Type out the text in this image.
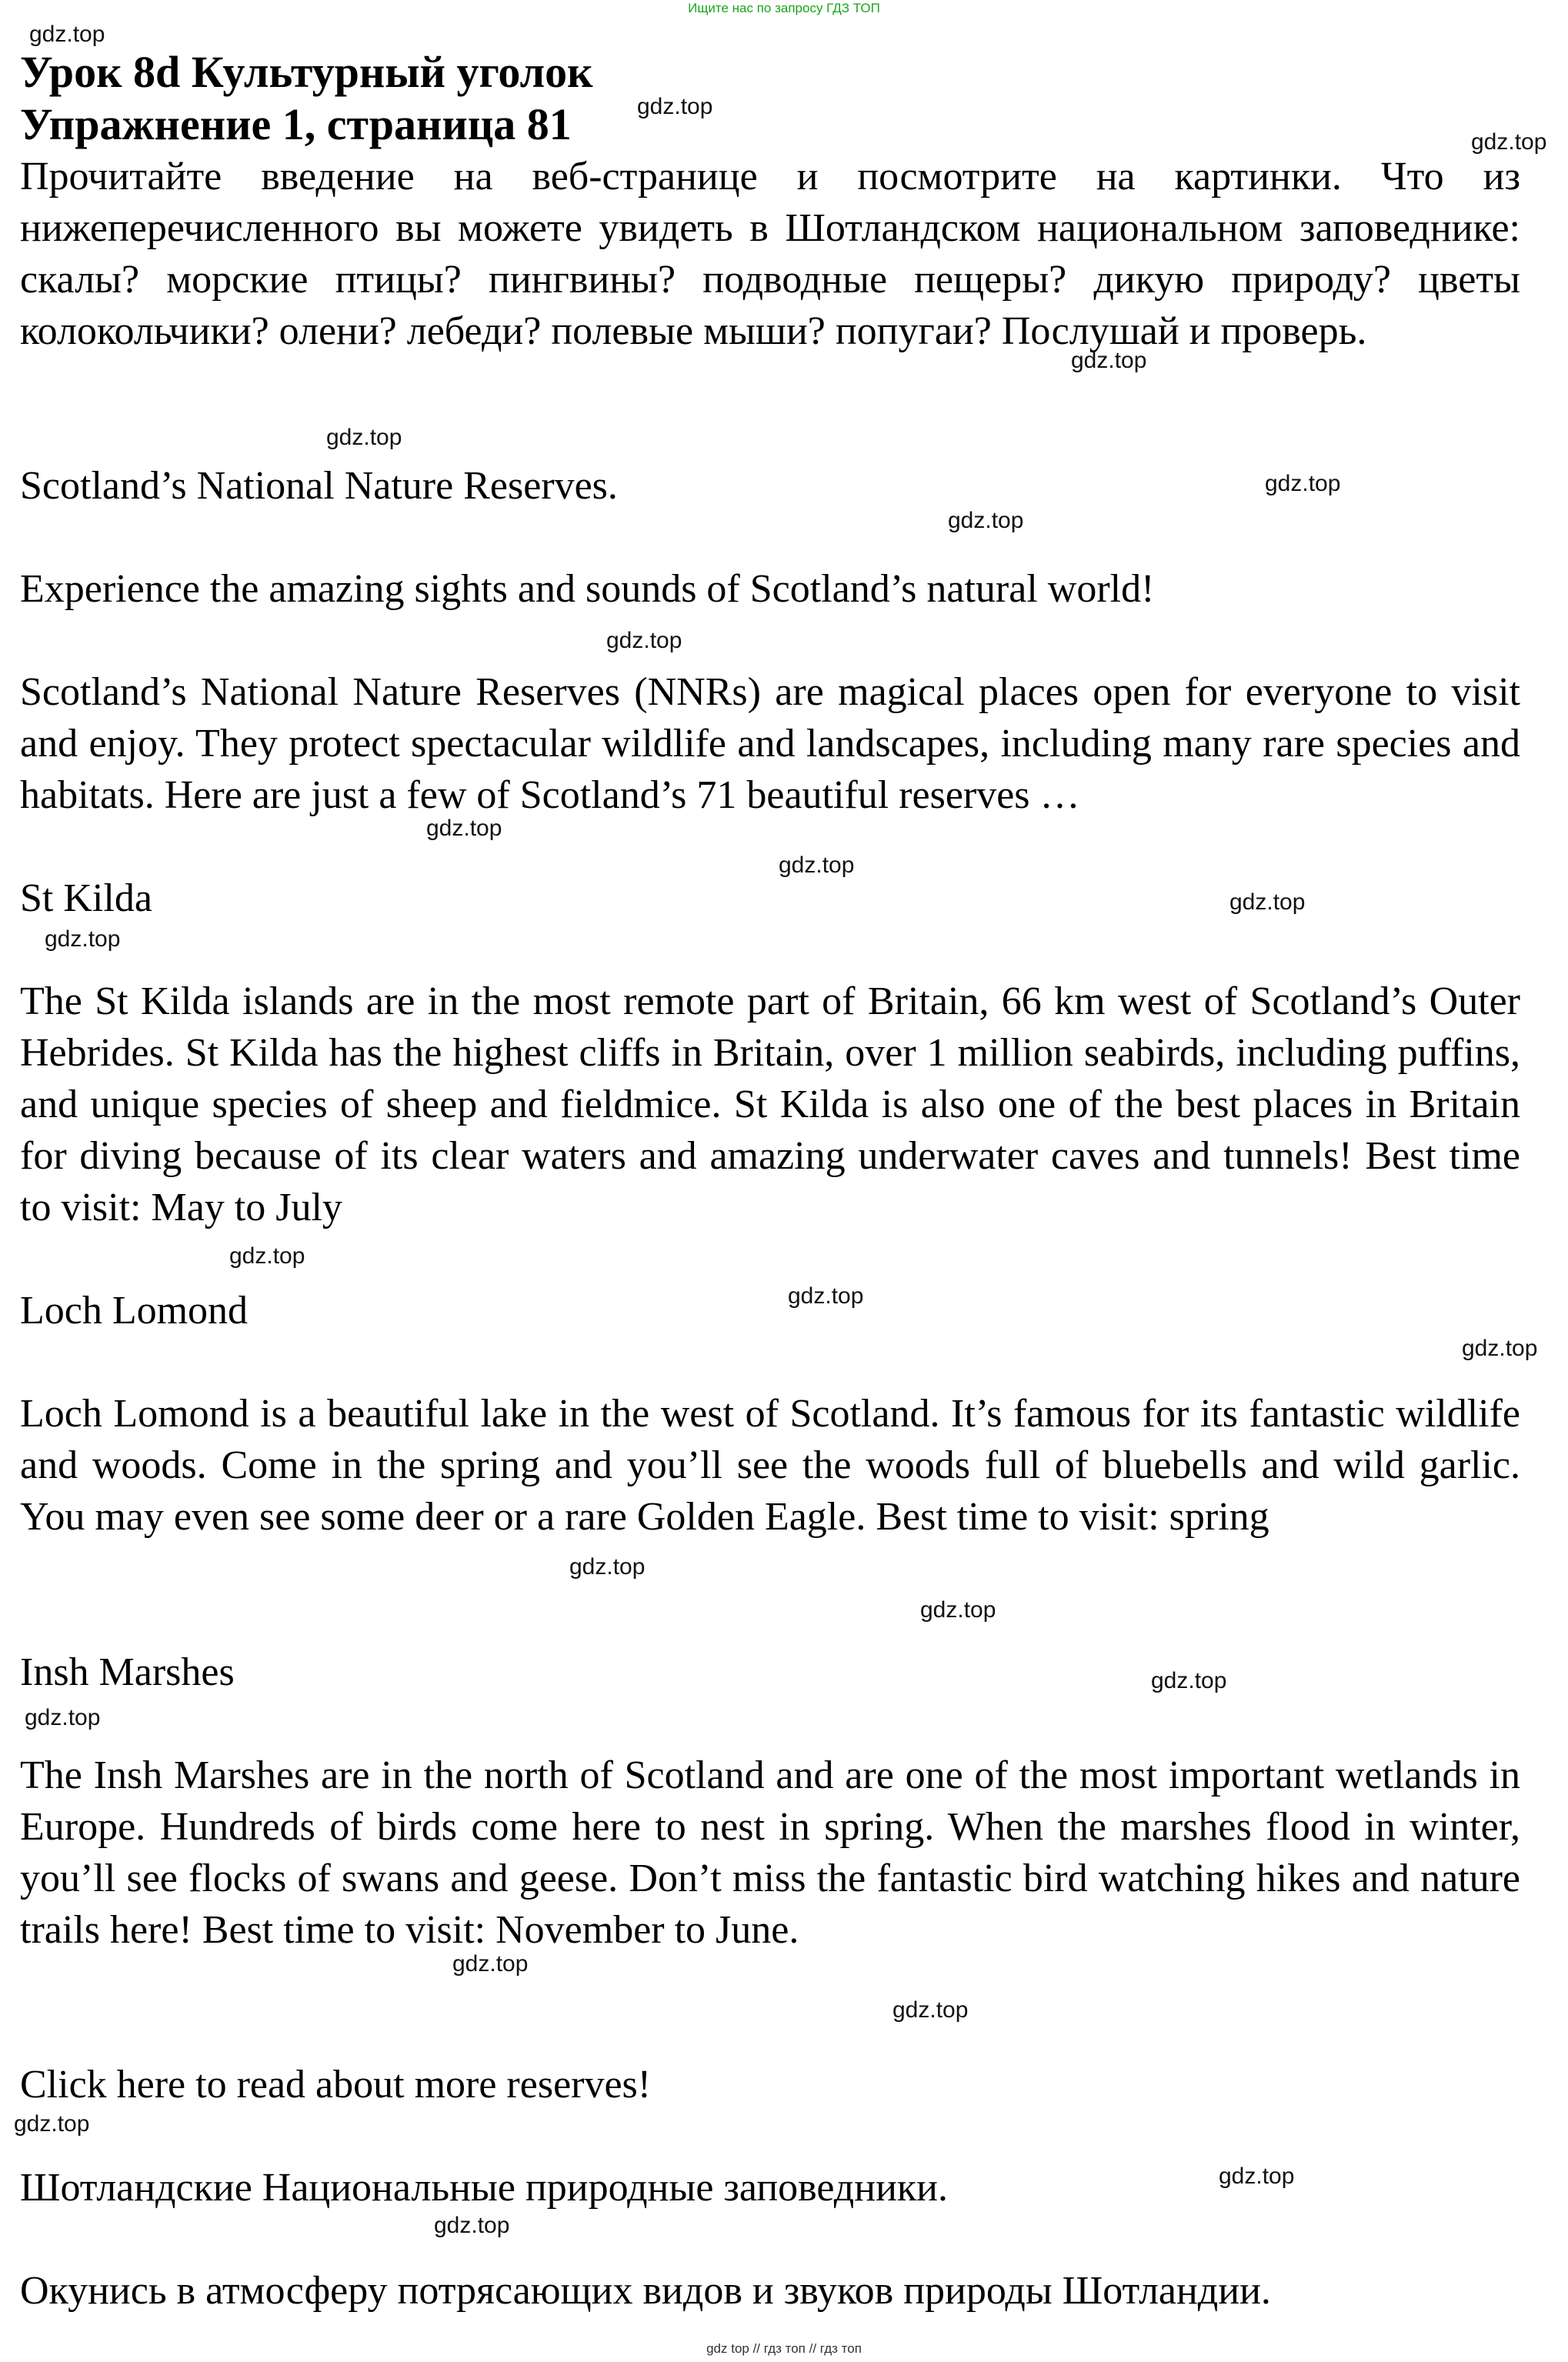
Ищите нас по запросу ГДЗ ТОП
Урок 8d Культурный уголок
Упражнение 1, страница 81

Прочитайте введение на веб-странице и посмотрите на картинки. Что из нижеперечисленного вы можете увидеть в Шотландском национальном заповеднике: скалы? морские птицы? пингвины? подводные пещеры? дикую природу? цветы колокольчики? олени? лебеди? полевые мыши? попугаи? Послушай и проверь.

Scotland’s National Nature Reserves.
Experience the amazing sights and sounds of Scotland’s natural world!

Scotland’s National Nature Reserves (NNRs) are magical places open for everyone to visit and enjoy. They protect spectacular wildlife and landscapes, including many rare species and habitats. Here are just a few of Scotland’s 71 beautiful reserves …

St Kilda

The St Kilda islands are in the most remote part of Britain, 66 km west of Scotland’s Outer Hebrides. St Kilda has the highest cliffs in Britain, over 1 million seabirds, including puffins, and unique species of sheep and fieldmice. St Kilda is also one of the best places in Britain for diving because of its clear waters and amazing underwater caves and tunnels! Best time to visit: May to July

Loch Lomond

Loch Lomond is a beautiful lake in the west of Scotland. It’s famous for its fantastic wildlife and woods. Come in the spring and you’ll see the woods full of bluebells and wild garlic. You may even see some deer or a rare Golden Eagle. Best time to visit: spring

Insh Marshes

The Insh Marshes are in the north of Scotland and are one of the most important wetlands in Europe. Hundreds of birds come here to nest in spring. When the marshes flood in winter, you’ll see flocks of swans and geese. Don’t miss the fantastic bird watching hikes and nature trails here! Best time to visit: November to June.

Click here to read about more reserves!
Шотландские Национальные природные заповедники.
Окунись в атмосферу потрясающих видов и звуков природы Шотландии.
gdz.top
gdz.top
gdz.top
gdz.top
gdz.top
gdz.top
gdz.top
gdz.top
gdz.top
gdz.top
gdz.top
gdz.top
gdz.top
gdz.top
gdz.top
gdz.top
gdz.top
gdz.top
gdz.top
gdz.top
gdz.top
gdz.top
gdz.top
gdz.top
gdz top // гдз топ // гдз топ
